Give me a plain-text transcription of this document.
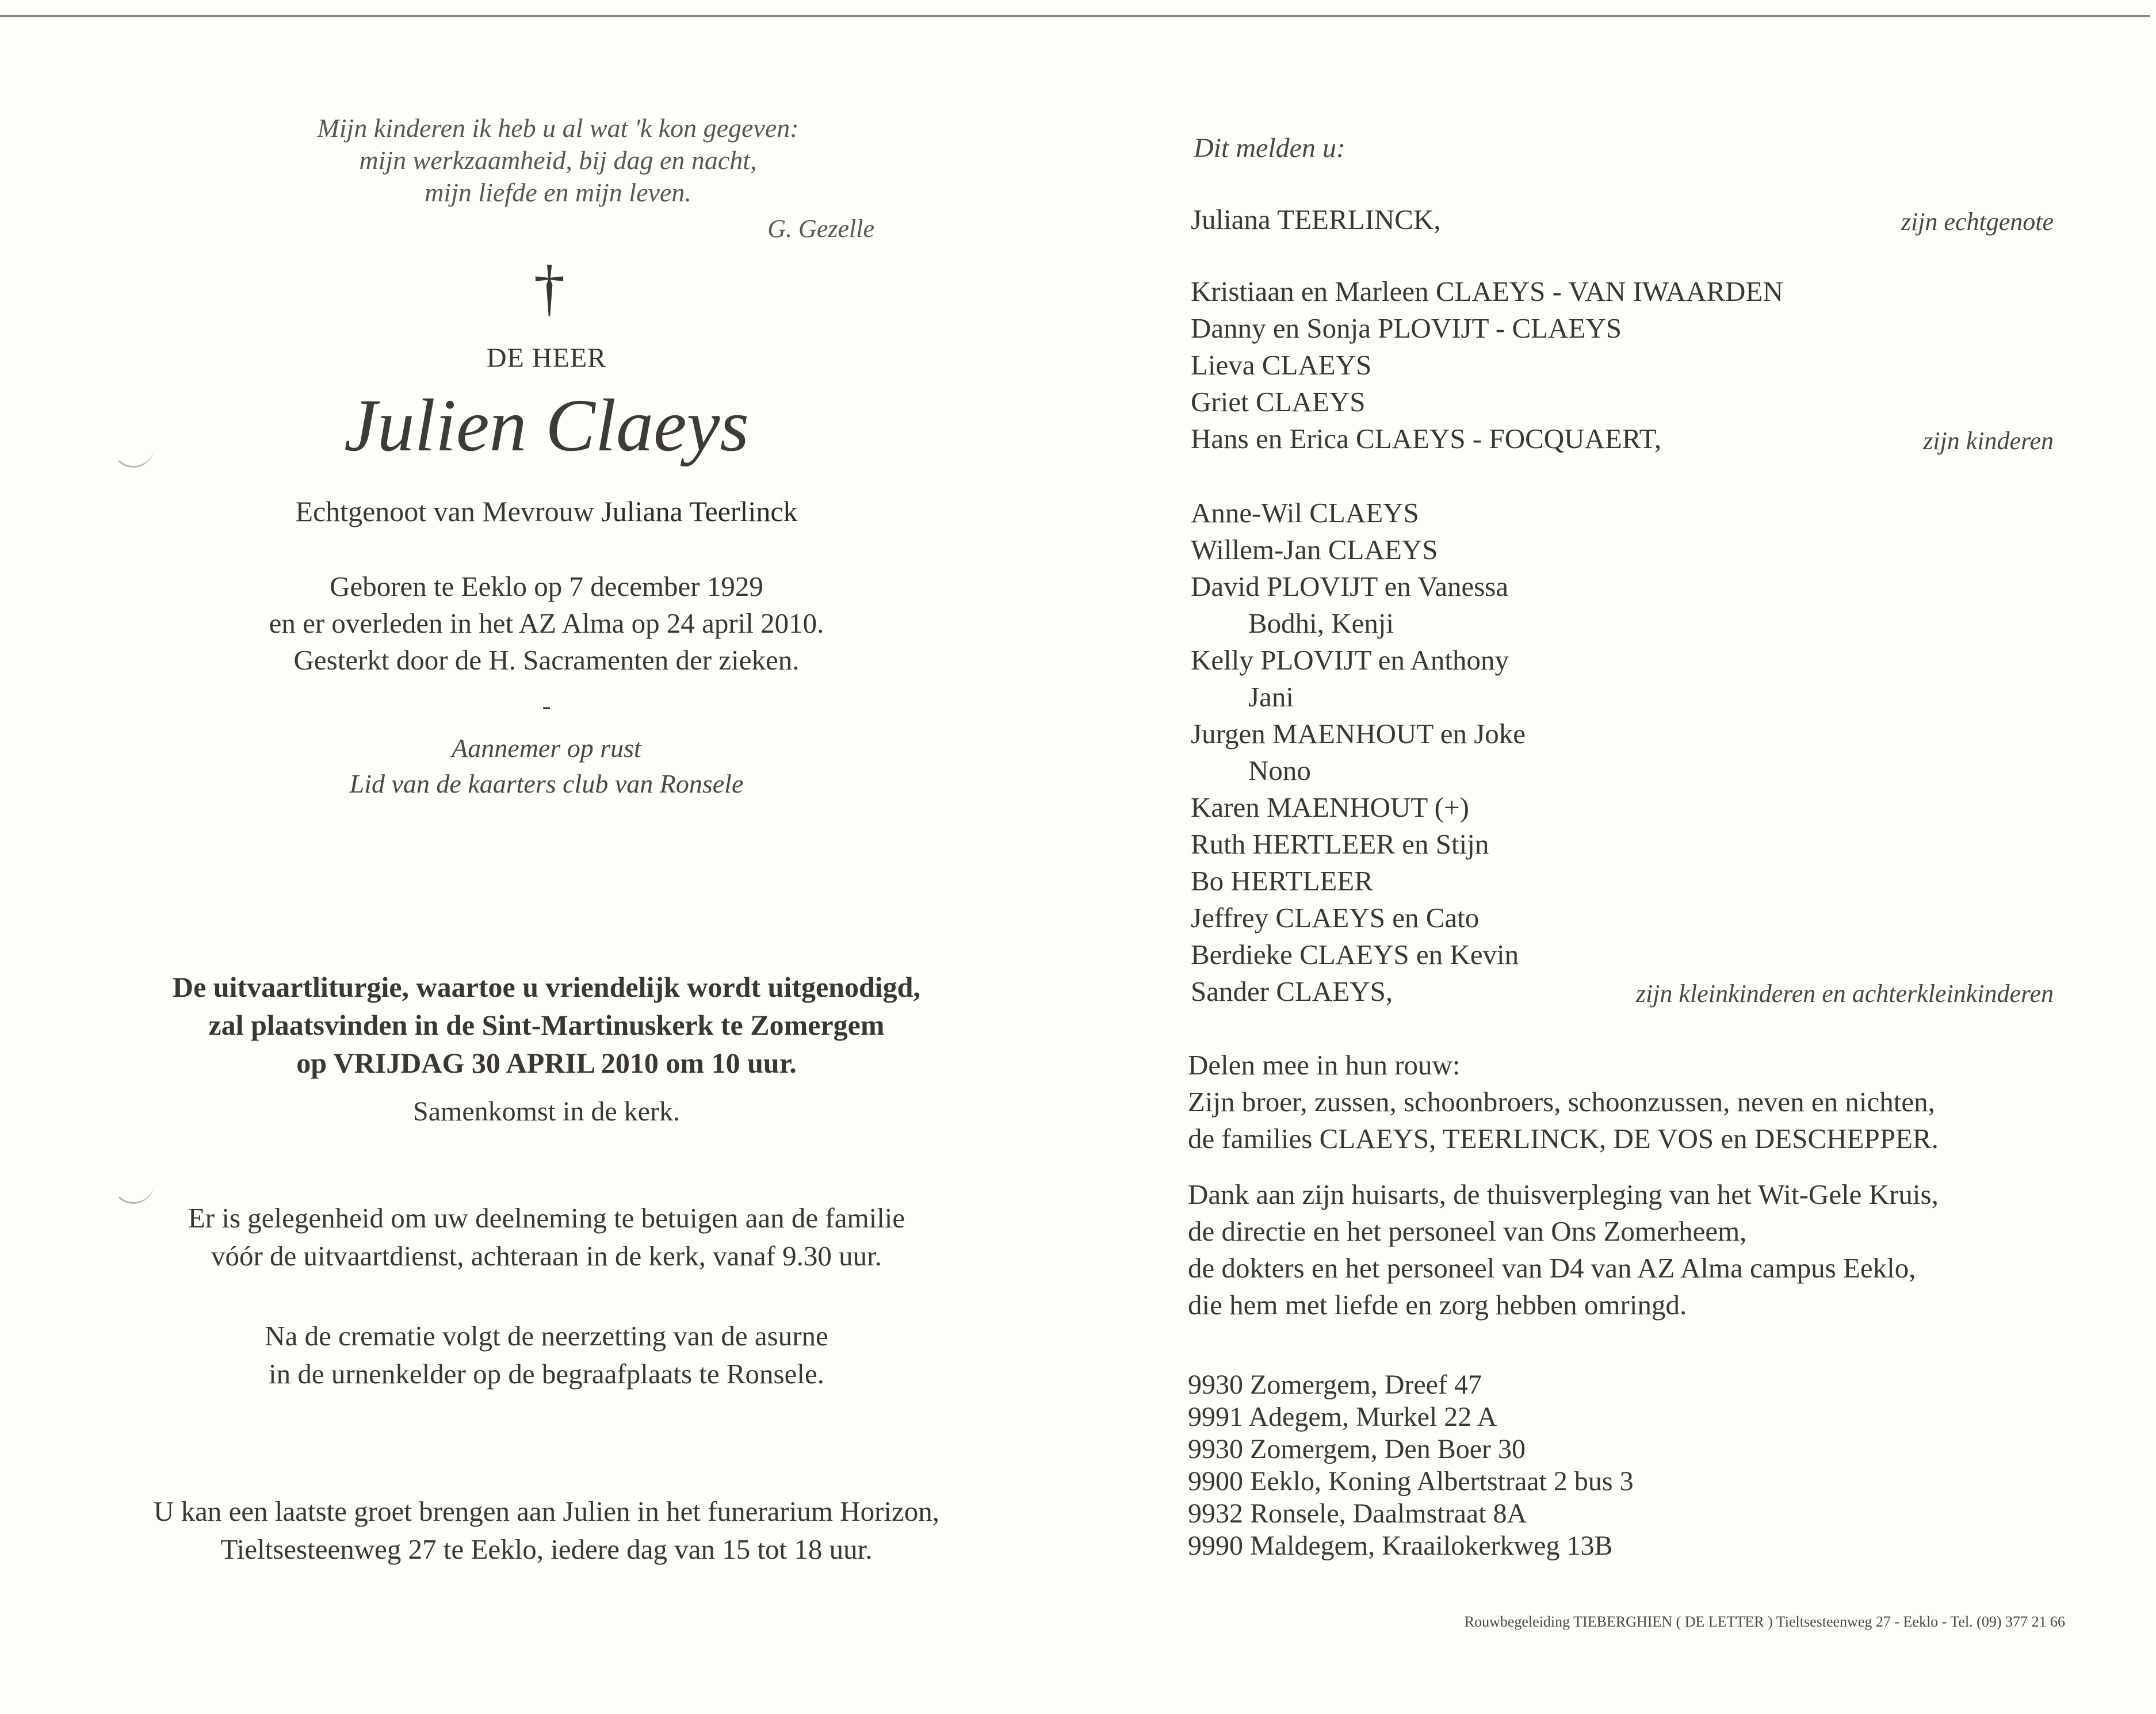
Mijn kinderen ik heb u al wat 'k kon gegeven:
mijn werkzaamheid, bij dag en nacht,
mijn liefde en mijn leven.
G. Gezelle
†
DE HEER
Julien Claeys
Echtgenoot van Mevrouw Juliana Teerlinck
Geboren te Eeklo op 7 december 1929
en er overleden in het AZ Alma op 24 april 2010.
Gesterkt door de H. Sacramenten der zieken.
-
Aannemer op rust
Lid van de kaarters club van Ronsele
De uitvaartliturgie, waartoe u vriendelijk wordt uitgenodigd,
zal plaatsvinden in de Sint-Martinuskerk te Zomergem
op VRIJDAG 30 APRIL 2010 om 10 uur.
Samenkomst in de kerk.
Er is gelegenheid om uw deelneming te betuigen aan de familie
vóór de uitvaartdienst, achteraan in de kerk, vanaf 9.30 uur.
Na de crematie volgt de neerzetting van de asurne
in de urnenkelder op de begraafplaats te Ronsele.
U kan een laatste groet brengen aan Julien in het funerarium Horizon,
Tieltsesteenweg 27 te Eeklo, iedere dag van 15 tot 18 uur.
Dit melden u:
Juliana TEERLINCK,	zijn echtgenote
Kristiaan en Marleen CLAEYS - VAN IWAARDEN
Danny en Sonja PLOVIJT - CLAEYS
Lieva CLAEYS
Griet CLAEYS
Hans en Erica CLAEYS - FOCQUAERT,	zijn kinderen
Anne-Wil CLAEYS
Willem-Jan CLAEYS
David PLOVIJT en Vanessa
Bodhi, Kenji
Kelly PLOVIJT en Anthony
Jani
Jurgen MAENHOUT en Joke
Nono
Karen MAENHOUT (+)
Ruth HERTLEER en Stijn
Bo HERTLEER
Jeffrey CLAEYS en Cato
Berdieke CLAEYS en Kevin
Sander CLAEYS,	zijn kleinkinderen en achterkleinkinderen
Delen mee in hun rouw:
Zijn broer, zussen, schoonbroers, schoonzussen, neven en nichten,
de families CLAEYS, TEERLINCK, DE VOS en DESCHEPPER.
Dank aan zijn huisarts, de thuisverpleging van het Wit-Gele Kruis,
de directie en het personeel van Ons Zomerheem,
de dokters en het personeel van D4 van AZ Alma campus Eeklo,
die hem met liefde en zorg hebben omringd.
9930 Zomergem, Dreef 47
9991 Adegem, Murkel 22 A
9930 Zomergem, Den Boer 30
9900 Eeklo, Koning Albertstraat 2 bus 3
9932 Ronsele, Daalmstraat 8A
9990 Maldegem, Kraailokerkweg 13B
Rouwbegeleiding TIEBERGHIEN ( DE LETTER ) Tieltsesteenweg 27 - Eeklo - Tel. (09) 377 21 66
